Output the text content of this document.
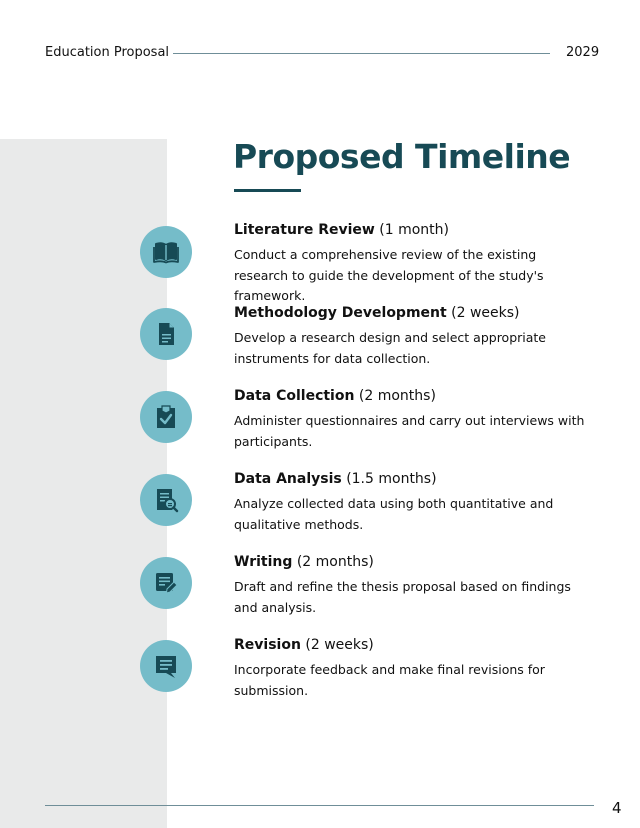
Education Proposal	2029
Proposed Timeline
Literature Review (1 month)
Conduct a comprehensive review of the existing research to guide the development of the study's framework.
Methodology Development (2 weeks)
Develop a research design and select appropriate instruments for data collection.
Data Collection (2 months)
Administer questionnaires and carry out interviews with participants.
Data Analysis (1.5 months)
Analyze collected data using both quantitative and qualitative methods.
Writing (2 months)
Draft and refine the thesis proposal based on findings and analysis.
Revision (2 weeks)
Incorporate feedback and make final revisions for submission.
4
